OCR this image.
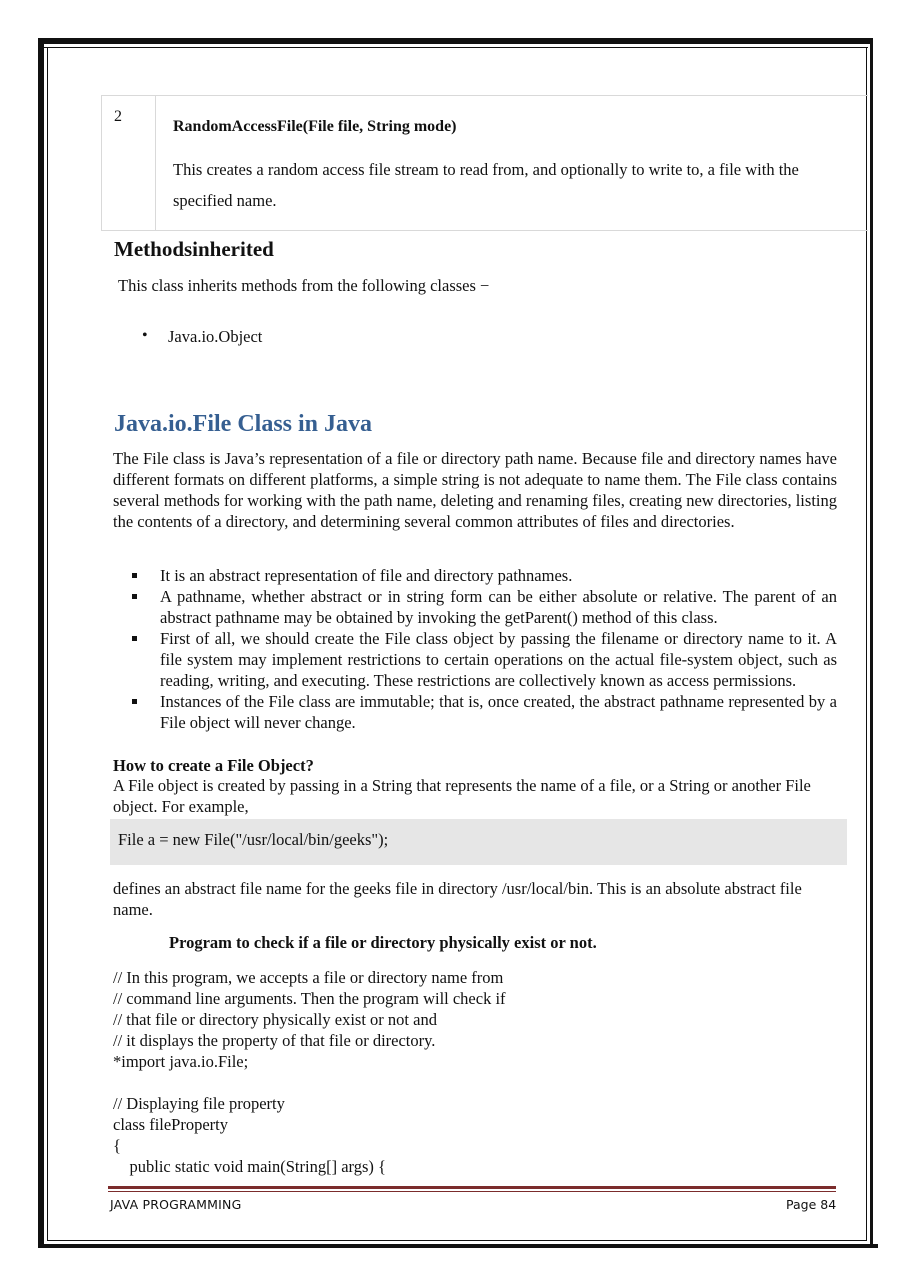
2
RandomAccessFile(File file, String mode)
This creates a random access file stream to read from, and optionally to write to, a file with the specified name.
Methodsinherited
This class inherits methods from the following classes −
• Java.io.Object
Java.io.File Class in Java
The File class is Java’s representation of a file or directory path name. Because file and directory names have different formats on different platforms, a simple string is not adequate to name them. The File class contains several methods for working with the path name, deleting and renaming files, creating new directories, listing the contents of a directory, and determining several common attributes of files and directories.
It is an abstract representation of file and directory pathnames.
A pathname, whether abstract or in string form can be either absolute or relative. The parent of an abstract pathname may be obtained by invoking the getParent() method of this class.
First of all, we should create the File class object by passing the filename or directory name to it. A file system may implement restrictions to certain operations on the actual file-system object, such as reading, writing, and executing. These restrictions are collectively known as access permissions.
Instances of the File class are immutable; that is, once created, the abstract pathname represented by a File object will never change.
How to create a File Object?
A File object is created by passing in a String that represents the name of a file, or a String or another File object. For example,
File a = new File("/usr/local/bin/geeks");
defines an abstract file name for the geeks file in directory /usr/local/bin. This is an absolute abstract file name.
Program to check if a file or directory physically exist or not.
// In this program, we accepts a file or directory name from
// command line arguments. Then the program will check if
// that file or directory physically exist or not and
// it displays the property of that file or directory.
*import java.io.File;
// Displaying file property
class fileProperty
{
public static void main(String[] args) {
JAVA PROGRAMMING	Page 84
